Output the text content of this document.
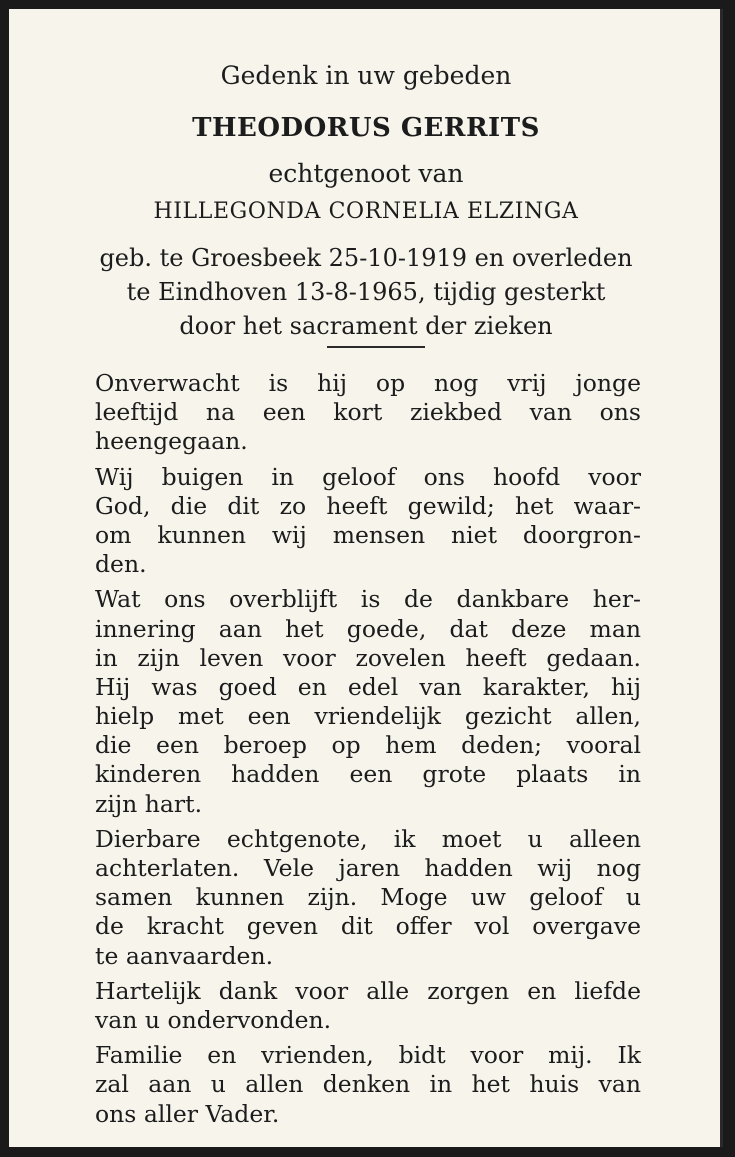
Gedenk in uw gebeden
THEODORUS GERRITS
echtgenoot van
HILLEGONDA CORNELIA ELZINGA
geb. te Groesbeek 25-10-1919 en overleden
te Eindhoven 13-8-1965, tijdig gesterkt
door het sacrament der zieken
Onverwacht is hij op nog vrij jonge
leeftijd na een kort ziekbed van ons
heengegaan.
Wij buigen in geloof ons hoofd voor
God, die dit zo heeft gewild; het waar-
om kunnen wij mensen niet doorgron-
den.
Wat ons overblijft is de dankbare her-
innering aan het goede, dat deze man
in zijn leven voor zovelen heeft gedaan.
Hij was goed en edel van karakter, hij
hielp met een vriendelijk gezicht allen,
die een beroep op hem deden; vooral
kinderen hadden een grote plaats in
zijn hart.
Dierbare echtgenote, ik moet u alleen
achterlaten. Vele jaren hadden wij nog
samen kunnen zijn. Moge uw geloof u
de kracht geven dit offer vol overgave
te aanvaarden.
Hartelijk dank voor alle zorgen en liefde
van u ondervonden.
Familie en vrienden, bidt voor mij. Ik
zal aan u allen denken in het huis van
ons aller Vader.
